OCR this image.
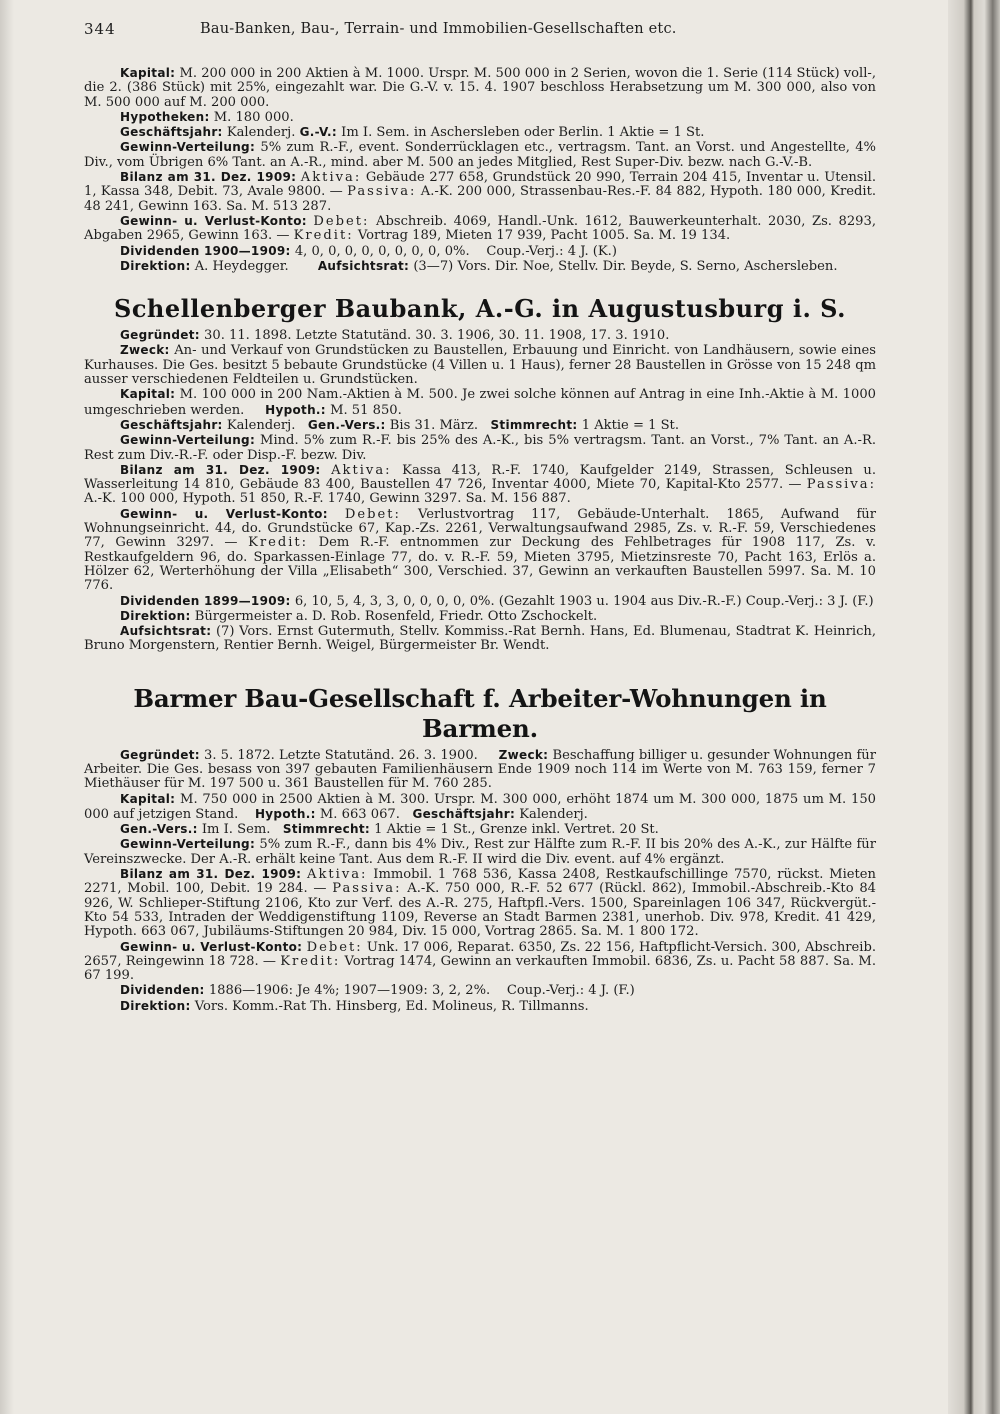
344	Bau-Banken, Bau-, Terrain- und Immobilien-Gesellschaften etc.

Kapital: M. 200 000 in 200 Aktien à M. 1000. Urspr. M. 500 000 in 2 Serien, wovon die 1. Serie (114 Stück) voll-, die 2. (386 Stück) mit 25%, eingezahlt war. Die G.-V. v. 15. 4. 1907 beschloss Herabsetzung um M. 300 000, also von M. 500 000 auf M. 200 000.

Hypotheken: M. 180 000.

Geschäftsjahr: Kalenderj. G.-V.: Im I. Sem. in Aschersleben oder Berlin. 1 Aktie = 1 St.

Gewinn-Verteilung: 5% zum R.-F., event. Sonderrücklagen etc., vertragsm. Tant. an Vorst. und Angestellte, 4% Div., vom Übrigen 6% Tant. an A.-R., mind. aber M. 500 an jedes Mitglied, Rest Super-Div. bezw. nach G.-V.-B.

Bilanz am 31. Dez. 1909: Aktiva: Gebäude 277 658, Grundstück 20 990, Terrain 204 415, Inventar u. Utensil. 1, Kassa 348, Debit. 73, Avale 9800. — Passiva: A.-K. 200 000, Strassenbau-Res.-F. 84 882, Hypoth. 180 000, Kredit. 48 241, Gewinn 163. Sa. M. 513 287.

Gewinn- u. Verlust-Konto: Debet: Abschreib. 4069, Handl.-Unk. 1612, Bauwerkeunterhalt. 2030, Zs. 8293, Abgaben 2965, Gewinn 163. — Kredit: Vortrag 189, Mieten 17 939, Pacht 1005. Sa. M. 19 134.

Dividenden 1900—1909: 4, 0, 0, 0, 0, 0, 0, 0, 0, 0%. Coup.-Verj.: 4 J. (K.)

Direktion: A. Heydegger. Aufsichtsrat: (3—7) Vors. Dir. Noe, Stellv. Dir. Beyde, S. Serno, Aschersleben.

Schellenberger Baubank, A.-G. in Augustusburg i. S.

Gegründet: 30. 11. 1898. Letzte Statutänd. 30. 3. 1906, 30. 11. 1908, 17. 3. 1910.

Zweck: An- und Verkauf von Grundstücken zu Baustellen, Erbauung und Einricht. von Landhäusern, sowie eines Kurhauses. Die Ges. besitzt 5 bebaute Grundstücke (4 Villen u. 1 Haus), ferner 28 Baustellen in Grösse von 15 248 qm ausser verschiedenen Feldteilen u. Grundstücken.

Kapital: M. 100 000 in 200 Nam.-Aktien à M. 500. Je zwei solche können auf Antrag in eine Inh.-Aktie à M. 1000 umgeschrieben werden. Hypoth.: M. 51 850.

Geschäftsjahr: Kalenderj. Gen.-Vers.: Bis 31. März. Stimmrecht: 1 Aktie = 1 St.

Gewinn-Verteilung: Mind. 5% zum R.-F. bis 25% des A.-K., bis 5% vertragsm. Tant. an Vorst., 7% Tant. an A.-R. Rest zum Div.-R.-F. oder Disp.-F. bezw. Div.

Bilanz am 31. Dez. 1909: Aktiva: Kassa 413, R.-F. 1740, Kaufgelder 2149, Strassen, Schleusen u. Wasserleitung 14 810, Gebäude 83 400, Baustellen 47 726, Inventar 4000, Miete 70, Kapital-Kto 2577. — Passiva: A.-K. 100 000, Hypoth. 51 850, R.-F. 1740, Gewinn 3297. Sa. M. 156 887.

Gewinn- u. Verlust-Konto: Debet: Verlustvortrag 117, Gebäude-Unterhalt. 1865, Aufwand für Wohnungseinricht. 44, do. Grundstücke 67, Kap.-Zs. 2261, Verwaltungsaufwand 2985, Zs. v. R.-F. 59, Verschiedenes 77, Gewinn 3297. — Kredit: Dem R.-F. entnommen zur Deckung des Fehlbetrages für 1908 117, Zs. v. Restkaufgeldern 96, do. Sparkassen-Einlage 77, do. v. R.-F. 59, Mieten 3795, Mietzinsreste 70, Pacht 163, Erlös a. Hölzer 62, Werterhöhung der Villa „Elisabeth“ 300, Verschied. 37, Gewinn an verkauften Baustellen 5997. Sa. M. 10 776.

Dividenden 1899—1909: 6, 10, 5, 4, 3, 3, 0, 0, 0, 0, 0%. (Gezahlt 1903 u. 1904 aus Div.-R.-F.) Coup.-Verj.: 3 J. (F.)

Direktion: Bürgermeister a. D. Rob. Rosenfeld, Friedr. Otto Zschockelt.

Aufsichtsrat: (7) Vors. Ernst Gutermuth, Stellv. Kommiss.-Rat Bernh. Hans, Ed. Blumenau, Stadtrat K. Heinrich, Bruno Morgenstern, Rentier Bernh. Weigel, Bürgermeister Br. Wendt.

Barmer Bau-Gesellschaft f. Arbeiter-Wohnungen in Barmen.

Gegründet: 3. 5. 1872. Letzte Statutänd. 26. 3. 1900. Zweck: Beschaffung billiger u. gesunder Wohnungen für Arbeiter. Die Ges. besass von 397 gebauten Familienhäusern Ende 1909 noch 114 im Werte von M. 763 159, ferner 7 Miethäuser für M. 197 500 u. 361 Baustellen für M. 760 285.

Kapital: M. 750 000 in 2500 Aktien à M. 300. Urspr. M. 300 000, erhöht 1874 um M. 300 000, 1875 um M. 150 000 auf jetzigen Stand. Hypoth.: M. 663 067. Geschäftsjahr: Kalenderj.

Gen.-Vers.: Im I. Sem. Stimmrecht: 1 Aktie = 1 St., Grenze inkl. Vertret. 20 St.

Gewinn-Verteilung: 5% zum R.-F., dann bis 4% Div., Rest zur Hälfte zum R.-F. II bis 20% des A.-K., zur Hälfte für Vereinszwecke. Der A.-R. erhält keine Tant. Aus dem R.-F. II wird die Div. event. auf 4% ergänzt.

Bilanz am 31. Dez. 1909: Aktiva: Immobil. 1 768 536, Kassa 2408, Restkaufschillinge 7570, rückst. Mieten 2271, Mobil. 100, Debit. 19 284. — Passiva: A.-K. 750 000, R.-F. 52 677 (Rückl. 862), Immobil.-Abschreib.-Kto 84 926, W. Schlieper-Stiftung 2106, Kto zur Verf. des A.-R. 275, Haftpfl.-Vers. 1500, Spareinlagen 106 347, Rückvergüt.-Kto 54 533, Intraden der Weddigenstiftung 1109, Reverse an Stadt Barmen 2381, unerhob. Div. 978, Kredit. 41 429, Hypoth. 663 067, Jubiläums-Stiftungen 20 984, Div. 15 000, Vortrag 2865. Sa. M. 1 800 172.

Gewinn- u. Verlust-Konto: Debet: Unk. 17 006, Reparat. 6350, Zs. 22 156, Haftpflicht-Versich. 300, Abschreib. 2657, Reingewinn 18 728. — Kredit: Vortrag 1474, Gewinn an verkauften Immobil. 6836, Zs. u. Pacht 58 887. Sa. M. 67 199.

Dividenden: 1886—1906: Je 4%; 1907—1909: 3, 2, 2%. Coup.-Verj.: 4 J. (F.)

Direktion: Vors. Komm.-Rat Th. Hinsberg, Ed. Molineus, R. Tillmanns.
